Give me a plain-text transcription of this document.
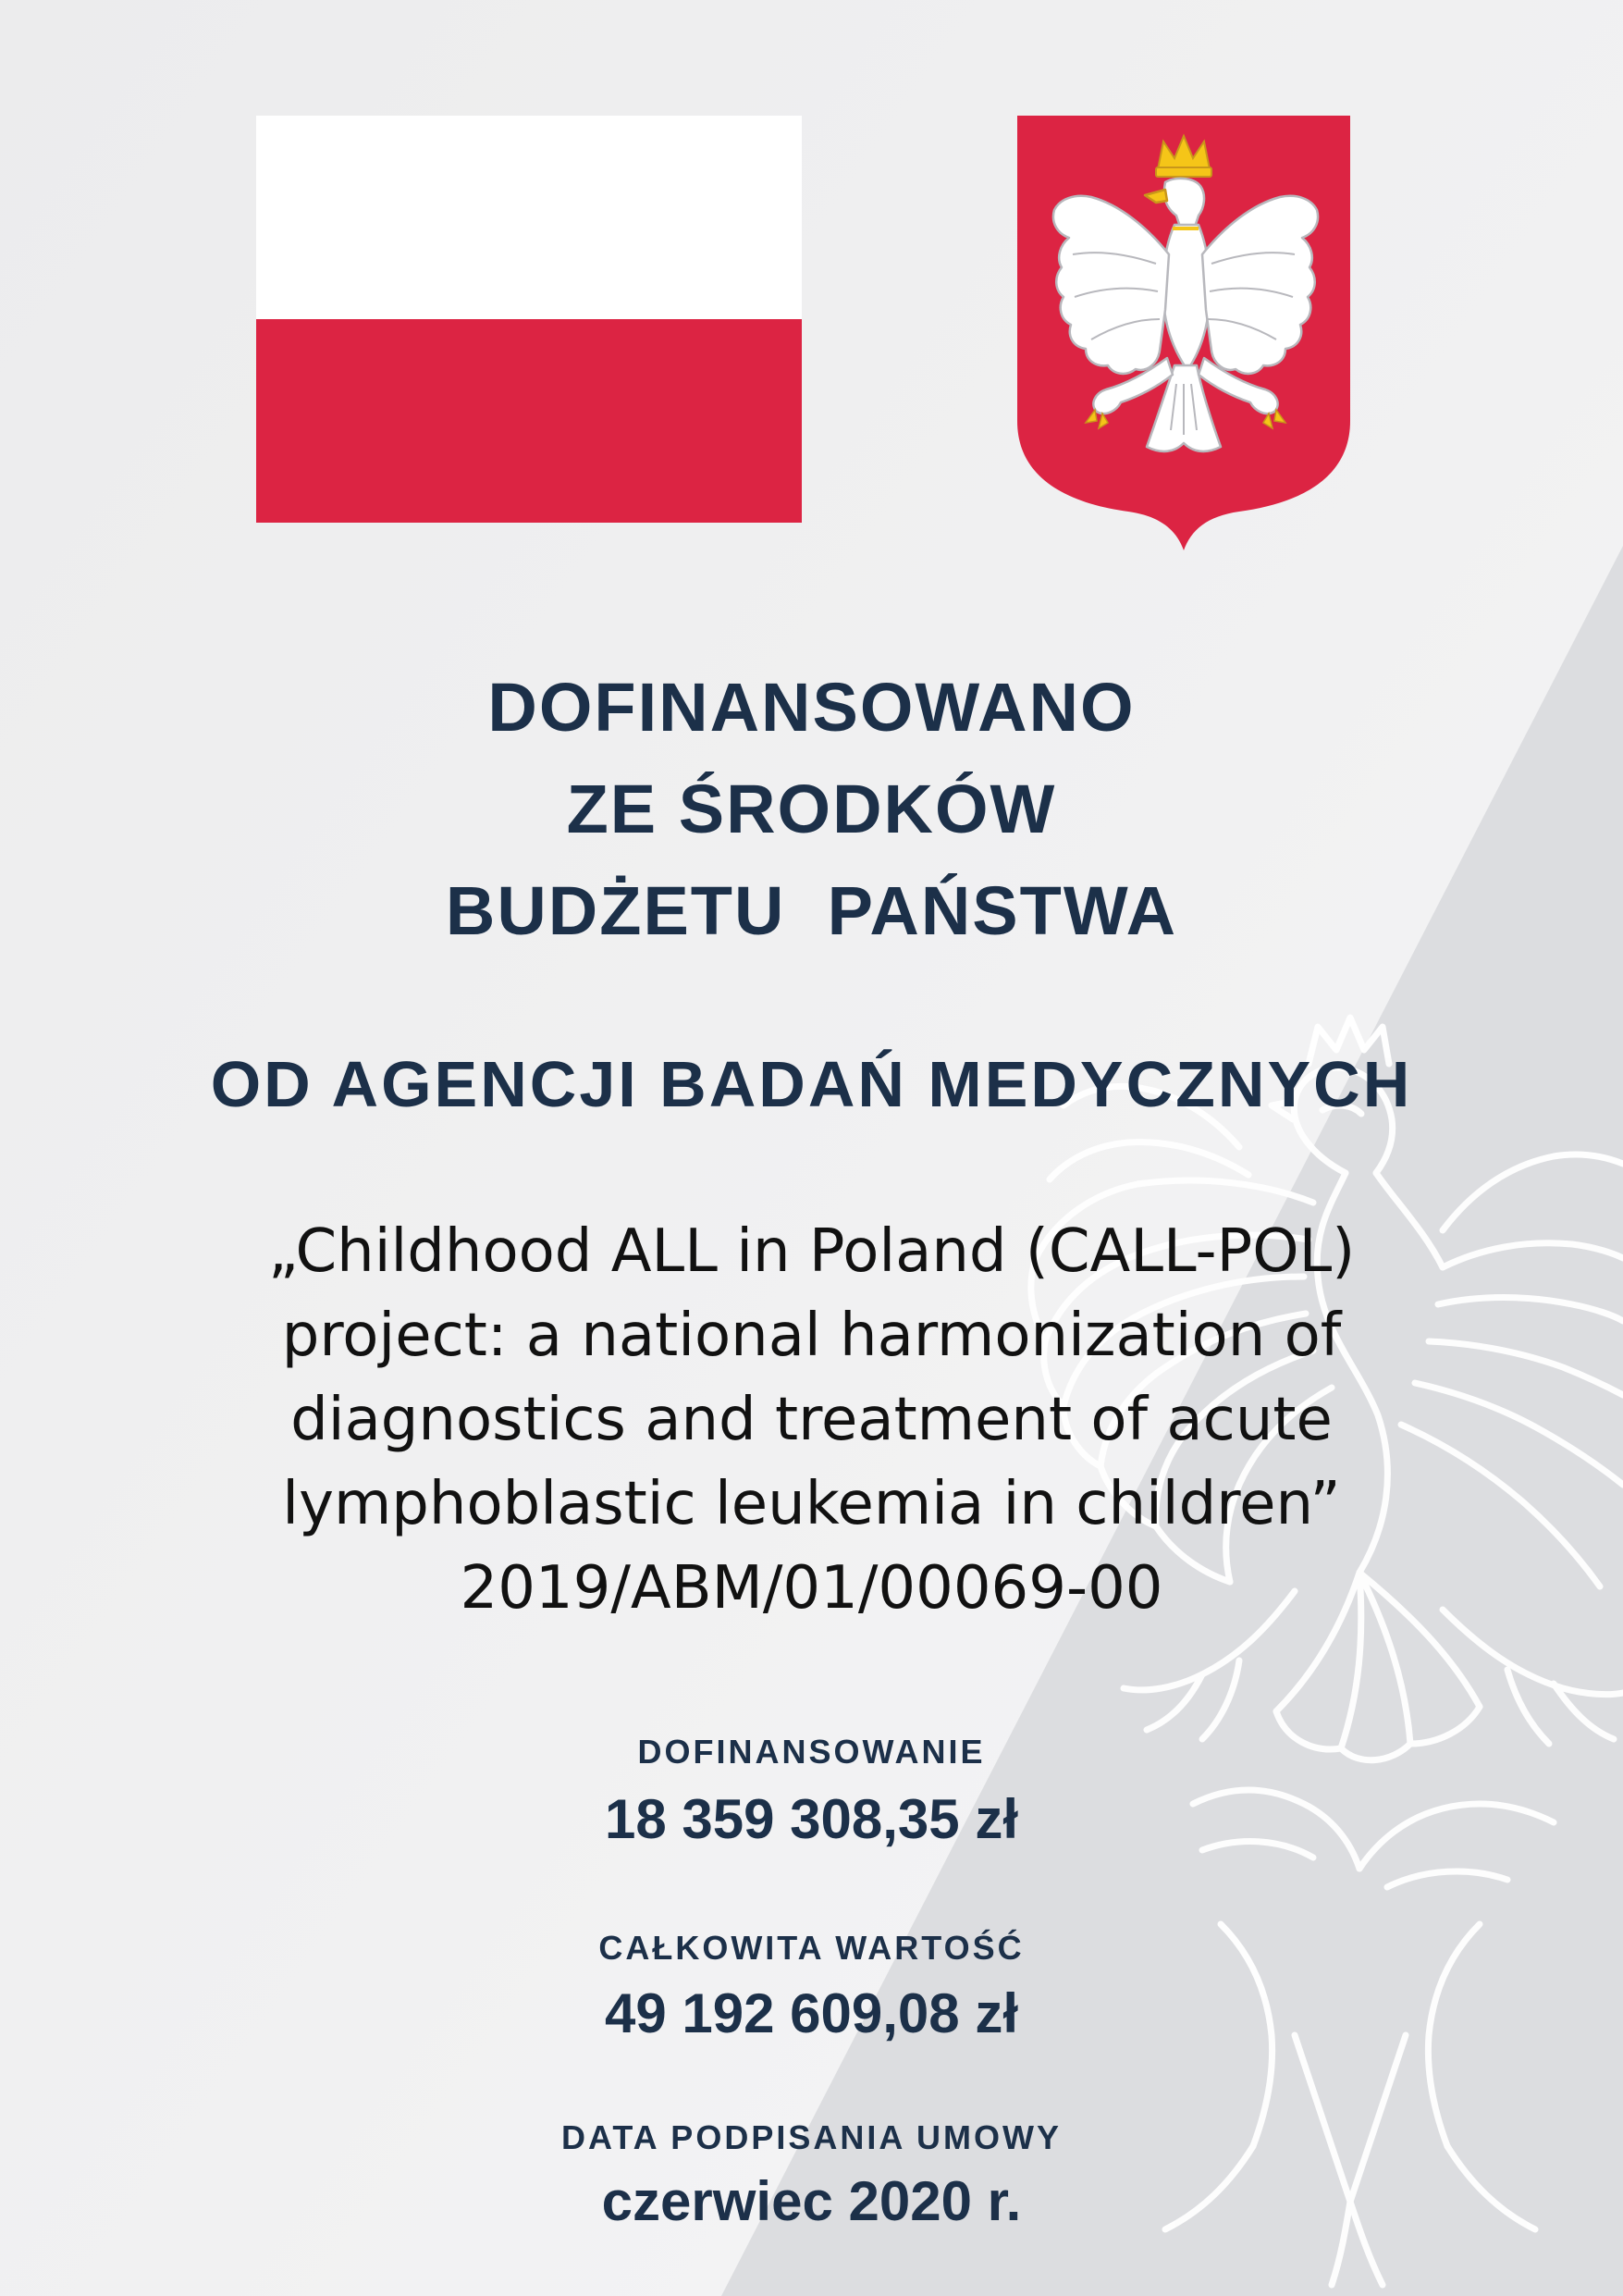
DOFINANSOWANO
ZE ŚRODKÓW
BUDŻETU  PAŃSTWA
OD AGENCJI BADAŃ MEDYCZNYCH
„Childhood ALL in Poland (CALL-POL)
project: a national harmonization of
diagnostics and treatment of acute
lymphoblastic leukemia in children”
2019/ABM/01/00069-00
DOFINANSOWANIE
18 359 308,35 zł
CAŁKOWITA WARTOŚĆ
49 192 609,08 zł
DATA PODPISANIA UMOWY
czerwiec 2020 r.
